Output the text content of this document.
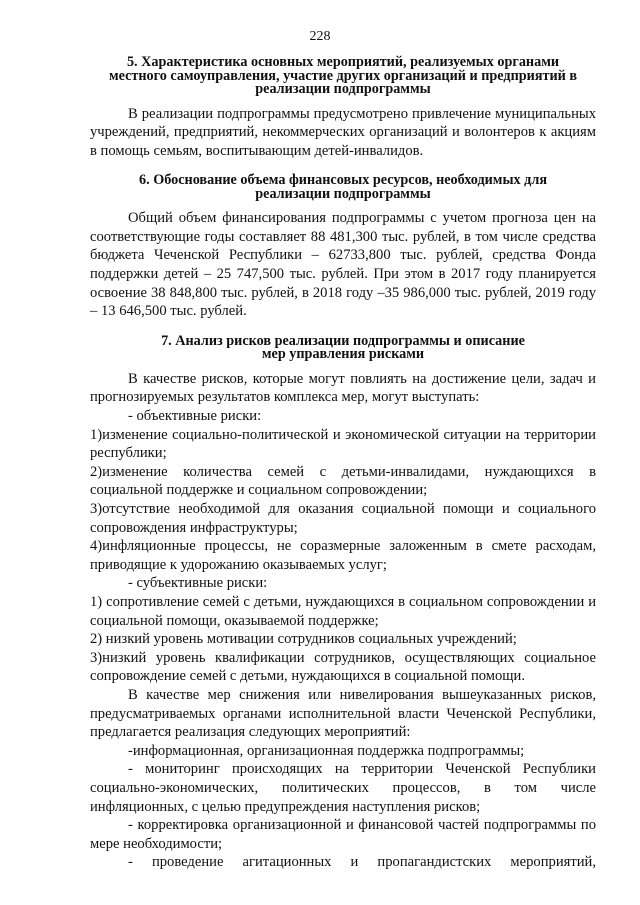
228

5. Характеристика основных мероприятий, реализуемых органами
местного самоуправления, участие других организаций и предприятий в
реализации подпрограммы

В реализации подпрограммы предусмотрено привлечение муниципальных учреждений, предприятий, некоммерческих организаций и волонтеров к акциям в помощь семьям, воспитывающим детей-инвалидов.

6. Обоснование объема финансовых ресурсов, необходимых для
реализации подпрограммы

Общий объем финансирования подпрограммы с учетом прогноза цен на соответствующие годы составляет 88 481,300 тыс. рублей, в том числе средства бюджета Чеченской Республики – 62733,800 тыс. рублей, средства Фонда поддержки детей – 25 747,500 тыс. рублей. При этом в 2017 году планируется освоение 38 848,800 тыс. рублей, в 2018 году –35 986,000 тыс. рублей, 2019 году – 13 646,500 тыс. рублей.

7. Анализ рисков реализации подпрограммы и описание
мер управления рисками

В качестве рисков, которые могут повлиять на достижение цели, задач и прогнозируемых результатов комплекса мер, могут выступать:

- объективные риски:

1)изменение социально-политической и экономической ситуации на территории республики;

2)изменение количества семей с детьми-инвалидами, нуждающихся в социальной поддержке и социальном сопровождении;

3)отсутствие необходимой для оказания социальной помощи и социального сопровождения инфраструктуры;

4)инфляционные процессы, не соразмерные заложенным в смете расходам, приводящие к удорожанию оказываемых услуг;

- субъективные риски:

1) сопротивление семей с детьми, нуждающихся в социальном сопровождении и социальной помощи, оказываемой поддержке;

2) низкий уровень мотивации сотрудников социальных учреждений;

3)низкий уровень квалификации сотрудников, осуществляющих социальное сопровождение семей с детьми, нуждающихся в социальной помощи.

В качестве мер снижения или нивелирования вышеуказанных рисков, предусматриваемых органами исполнительной власти Чеченской Республики, предлагается реализация следующих мероприятий:

-информационная, организационная поддержка подпрограммы;

- мониторинг происходящих на территории Чеченской Республики социально-экономических, политических процессов, в том числе инфляционных, с целью предупреждения наступления рисков;

- корректировка организационной и финансовой частей подпрограммы по мере необходимости;

- проведение агитационных и пропагандистских мероприятий,
